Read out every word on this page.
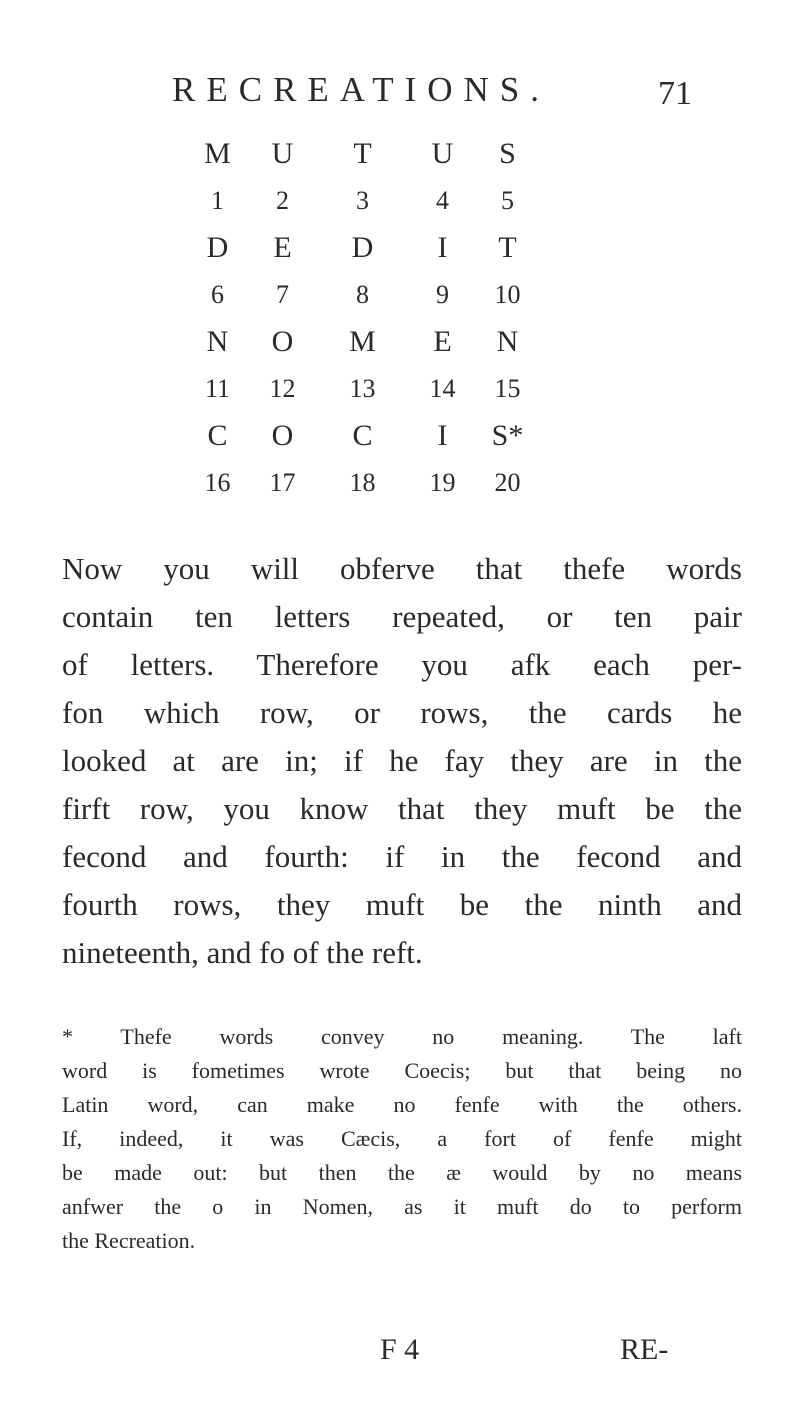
RECREATIONS.	71
M U T U S
1 2	3	4 5
D E D I T
6 7	8	9 10
N O M E N
11 12 13 14 15
C O C I S*
16 17 18 19 20
Now you will obferve that thefe words
contain ten letters repeated, or ten pair
of letters. Therefore you afk each per-
fon which row, or rows, the cards he
looked at are in; if he fay they are in the
firft row, you know that they muft be the
fecond and fourth: if in the fecond and
fourth rows, they muft be the ninth and
nineteenth, and fo of the reft.
* Thefe words convey no meaning. The laft
word is fometimes wrote Coecis; but that being no
Latin word, can make no fenfe with the others.
If, indeed, it was Cæcis, a fort of fenfe might
be made out: but then the æ would by no means
anfwer the o in Nomen, as it muft do to perform
the Recreation.
F 4	RE-
